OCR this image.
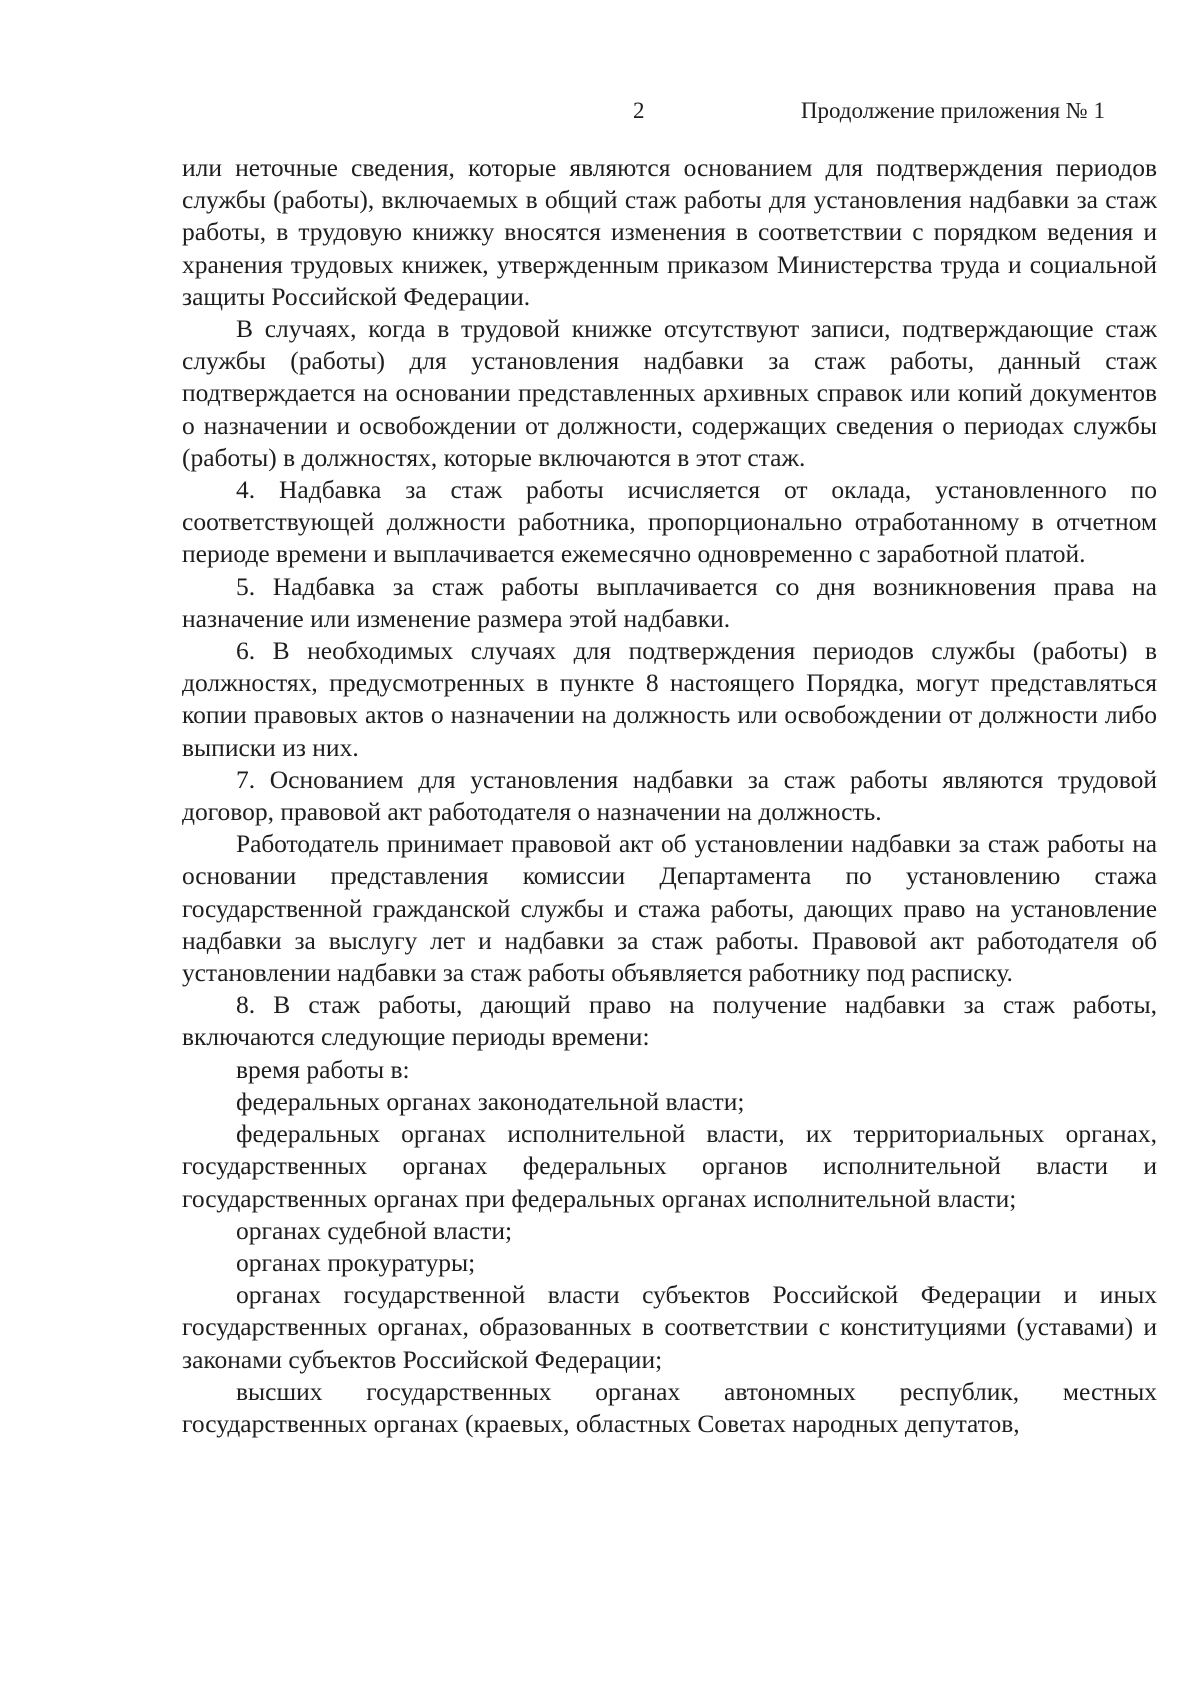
2	Продолжение приложения № 1

или неточные сведения, которые являются основанием для подтверждения периодов службы (работы), включаемых в общий стаж работы для установления надбавки за стаж работы, в трудовую книжку вносятся изменения в соответствии с порядком ведения и хранения трудовых книжек, утвержденным приказом Министерства труда и социальной защиты Российской Федерации.

В случаях, когда в трудовой книжке отсутствуют записи, подтверждающие стаж службы (работы) для установления надбавки за стаж работы, данный стаж подтверждается на основании представленных архивных справок или копий документов о назначении и освобождении от должности, содержащих сведения о периодах службы (работы) в должностях, которые включаются в этот стаж.

4. Надбавка за стаж работы исчисляется от оклада, установленного по соответствующей должности работника, пропорционально отработанному в отчетном периоде времени и выплачивается ежемесячно одновременно с заработной платой.

5. Надбавка за стаж работы выплачивается со дня возникновения права на назначение или изменение размера этой надбавки.

6. В необходимых случаях для подтверждения периодов службы (работы) в должностях, предусмотренных в пункте 8 настоящего Порядка, могут представляться копии правовых актов о назначении на должность или освобождении от должности либо выписки из них.

7. Основанием для установления надбавки за стаж работы являются трудовой договор, правовой акт работодателя о назначении на должность.

Работодатель принимает правовой акт об установлении надбавки за стаж работы на основании представления комиссии Департамента по установлению стажа государственной гражданской службы и стажа работы, дающих право на установление надбавки за выслугу лет и надбавки за стаж работы. Правовой акт работодателя об установлении надбавки за стаж работы объявляется работнику под расписку.

8. В стаж работы, дающий право на получение надбавки за стаж работы, включаются следующие периоды времени:

время работы в:

федеральных органах законодательной власти;

федеральных органах исполнительной власти, их территориальных органах, государственных органах федеральных органов исполнительной власти и государственных органах при федеральных органах исполнительной власти;

органах судебной власти;

органах прокуратуры;

органах государственной власти субъектов Российской Федерации и иных государственных органах, образованных в соответствии с конституциями (уставами) и законами субъектов Российской Федерации;

высших государственных органах автономных республик, местных государственных органах (краевых, областных Советах народных депутатов,
